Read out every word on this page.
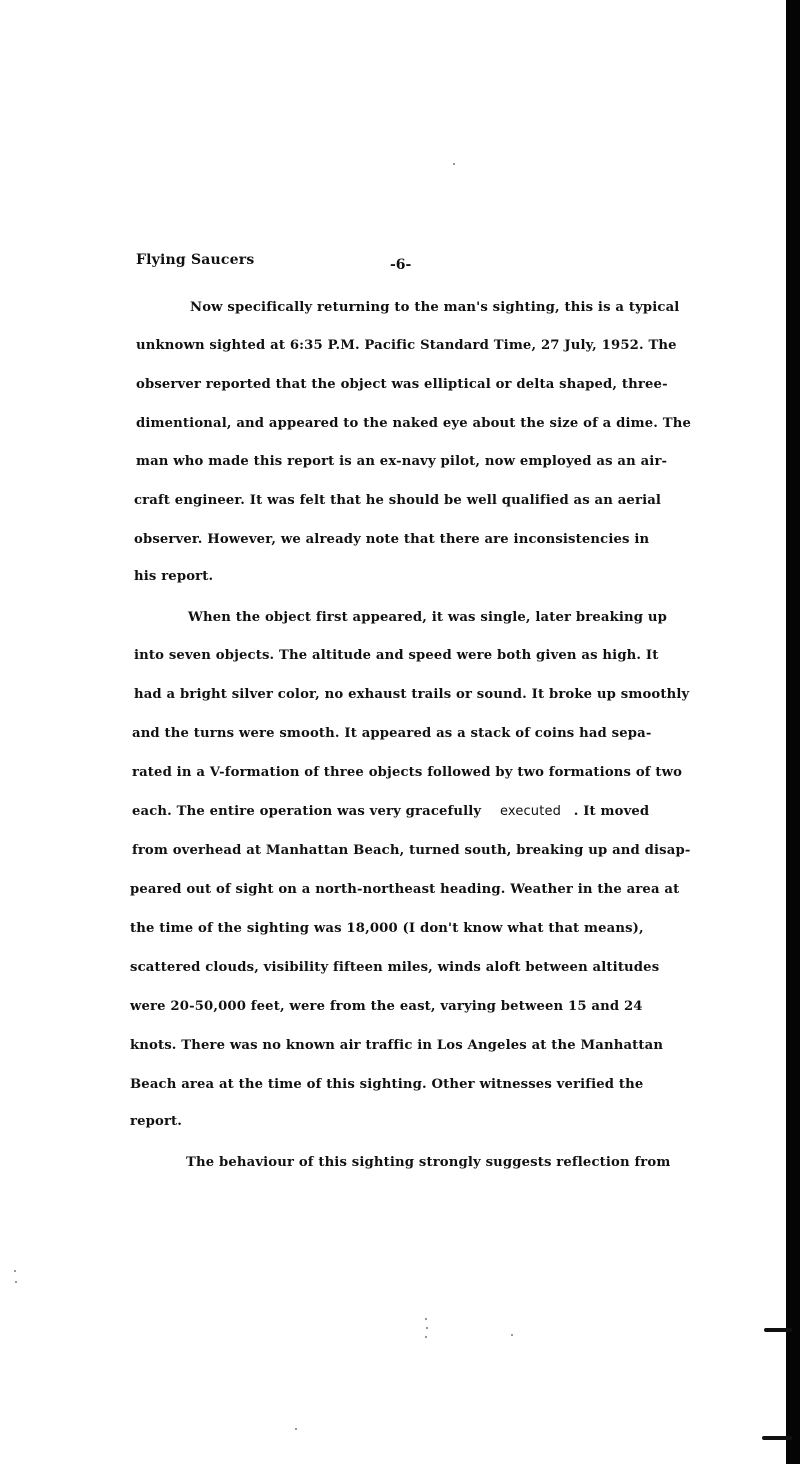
Flying Saucers	-6-
Now specifically returning to the man's sighting, this is a typical
unknown sighted at 6:35 P.M. Pacific Standard Time, 27 July, 1952. The
observer reported that the object was elliptical or delta shaped, three-
dimentional, and appeared to the naked eye about the size of a dime. The
man who made this report is an ex-navy pilot, now employed as an air-
craft engineer. It was felt that he should be well qualified as an aerial
observer. However, we already note that there are inconsistencies in
his report.
When the object first appeared, it was single, later breaking up
into seven objects. The altitude and speed were both given as high. It
had a bright silver color, no exhaust trails or sound. It broke up smoothly
and the turns were smooth. It appeared as a stack of coins had sepa-
rated in a V-formation of three objects followed by two formations of two
each. The entire operation was very gracefully executed . It moved
from overhead at Manhattan Beach, turned south, breaking up and disap-
peared out of sight on a north-northeast heading. Weather in the area at
the time of the sighting was 18,000 (I don't know what that means),
scattered clouds, visibility fifteen miles, winds aloft between altitudes
were 20-50,000 feet, were from the east, varying between 15 and 24
knots. There was no known air traffic in Los Angeles at the Manhattan
Beach area at the time of this sighting. Other witnesses verified the
report.
The behaviour of this sighting strongly suggests reflection from
